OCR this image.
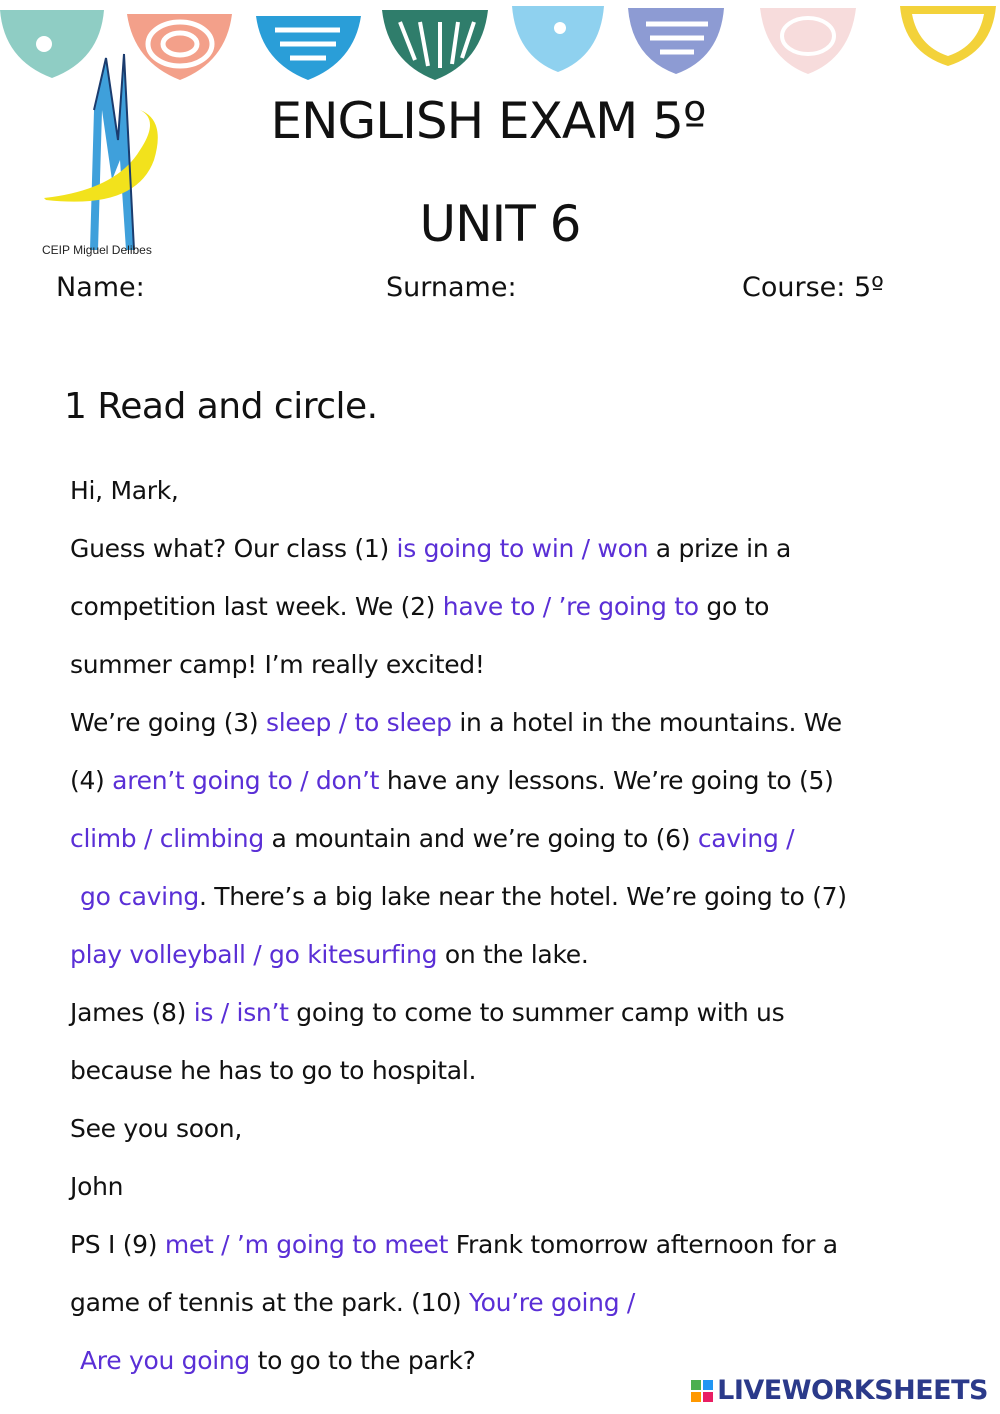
CEIP Miguel Delibes
ENGLISH EXAM 5º
UNIT 6
Name:	Surname:	Course: 5º
1 Read and circle.
Hi, Mark,
Guess what? Our class (1) is going to win / won a prize in a
competition last week. We (2) have to / ’re going to go to
summer camp! I’m really excited!
We’re going (3) sleep / to sleep in a hotel in the mountains. We
(4) aren’t going to / don’t have any lessons. We’re going to (5)
climb / climbing a mountain and we’re going to (6) caving /
go caving. There’s a big lake near the hotel. We’re going to (7)
play volleyball / go kitesurfing on the lake.
James (8) is / isn’t going to come to summer camp with us
because he has to go to hospital.
See you soon,
John
PS I (9) met / ’m going to meet Frank tomorrow afternoon for a
game of tennis at the park. (10) You’re going /
Are you going to go to the park?
LIVEWORKSHEETS
